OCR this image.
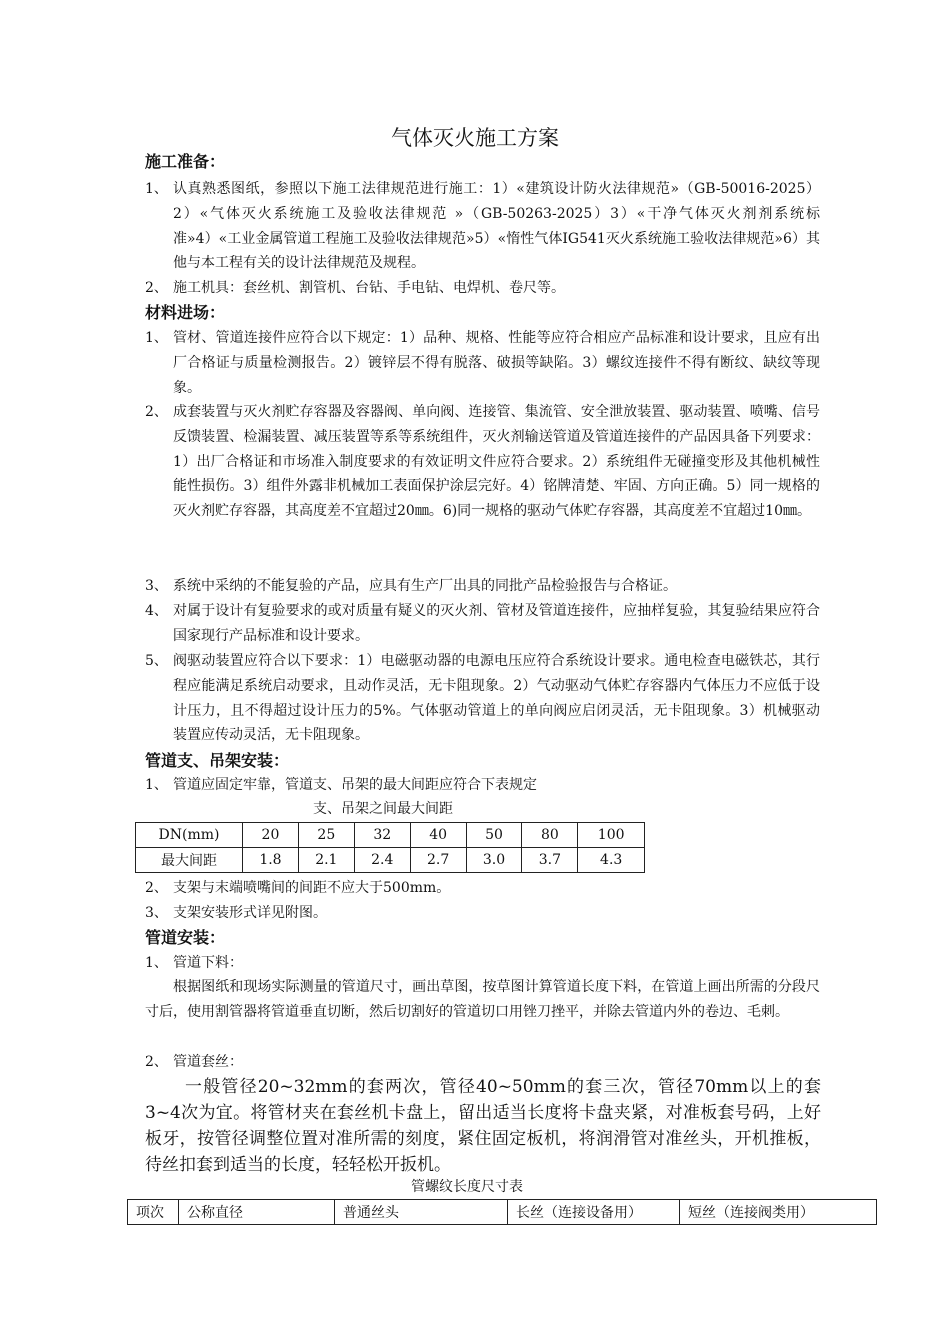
气体灭火施工方案
施工准备：
1、 认真熟悉图纸，参照以下施工法律规范进行施工：1）«建筑设计防火法律规范»（GB-50016-2025）2）«气体灭火系统施工及验收法律规范 »（GB-50263-2025）3）«干净气体灭火剂剂系统标准»4）«工业金属管道工程施工及验收法律规范»5）«惰性气体IG541灭火系统施工验收法律规范»6）其他与本工程有关的设计法律规范及规程。
2、 施工机具：套丝机、割管机、台钻、手电钻、电焊机、卷尺等。
材料进场：
1、 管材、管道连接件应符合以下规定：1）品种、规格、性能等应符合相应产品标准和设计要求，且应有出厂合格证与质量检测报告。2）镀锌层不得有脱落、破损等缺陷。3）螺纹连接件不得有断纹、缺纹等现象。
2、 成套装置与灭火剂贮存容器及容器阀、单向阀、连接管、集流管、安全泄放装置、驱动装置、喷嘴、信号反馈装置、检漏装置、减压装置等系等系统组件，灭火剂输送管道及管道连接件的产品因具备下列要求：1）出厂合格证和市场准入制度要求的有效证明文件应符合要求。2）系统组件无碰撞变形及其他机械性能性损伤。3）组件外露非机械加工表面保护涂层完好。4）铭牌清楚、牢固、方向正确。5）同一规格的灭火剂贮存容器，其高度差不宜超过20㎜。6)同一规格的驱动气体贮存容器，其高度差不宜超过10㎜。
3、 系统中采纳的不能复验的产品，应具有生产厂出具的同批产品检验报告与合格证。
4、 对属于设计有复验要求的或对质量有疑义的灭火剂、管材及管道连接件，应抽样复验，其复验结果应符合国家现行产品标准和设计要求。
5、 阀驱动装置应符合以下要求：1）电磁驱动器的电源电压应符合系统设计要求。通电检查电磁铁芯，其行程应能满足系统启动要求，且动作灵活，无卡阻现象。2）气动驱动气体贮存容器内气体压力不应低于设计压力，且不得超过设计压力的5%。气体驱动管道上的单向阀应启闭灵活，无卡阻现象。3）机械驱动装置应传动灵活，无卡阻现象。
管道支、吊架安装：
1、 管道应固定牢靠，管道支、吊架的最大间距应符合下表规定
支、吊架之间最大间距
DN(mm)	20	25	32	40	50	80	100
最大间距	1.8	2.1	2.4	2.7	3.0	3.7	4.3
2、 支架与末端喷嘴间的间距不应大于500mm。
3、 支架安装形式详见附图。
管道安装：
1、 管道下料：
根据图纸和现场实际测量的管道尺寸，画出草图，按草图计算管道长度下料，在管道上画出所需的分段尺寸后，使用割管器将管道垂直切断，然后切割好的管道切口用锉刀挫平，并除去管道内外的卷边、毛刺。
2、 管道套丝：
一般管径20~32mm的套两次，管径40~50mm的套三次，管径70mm以上的套3~4次为宜。将管材夹在套丝机卡盘上，留出适当长度将卡盘夹紧，对准板套号码，上好板牙，按管径调整位置对准所需的刻度，紧住固定板机，将润滑管对准丝头，开机推板，待丝扣套到适当的长度，轻轻松开扳机。
管螺纹长度尺寸表
项次	公称直径	普通丝头	长丝（连接设备用）	短丝（连接阀类用）
